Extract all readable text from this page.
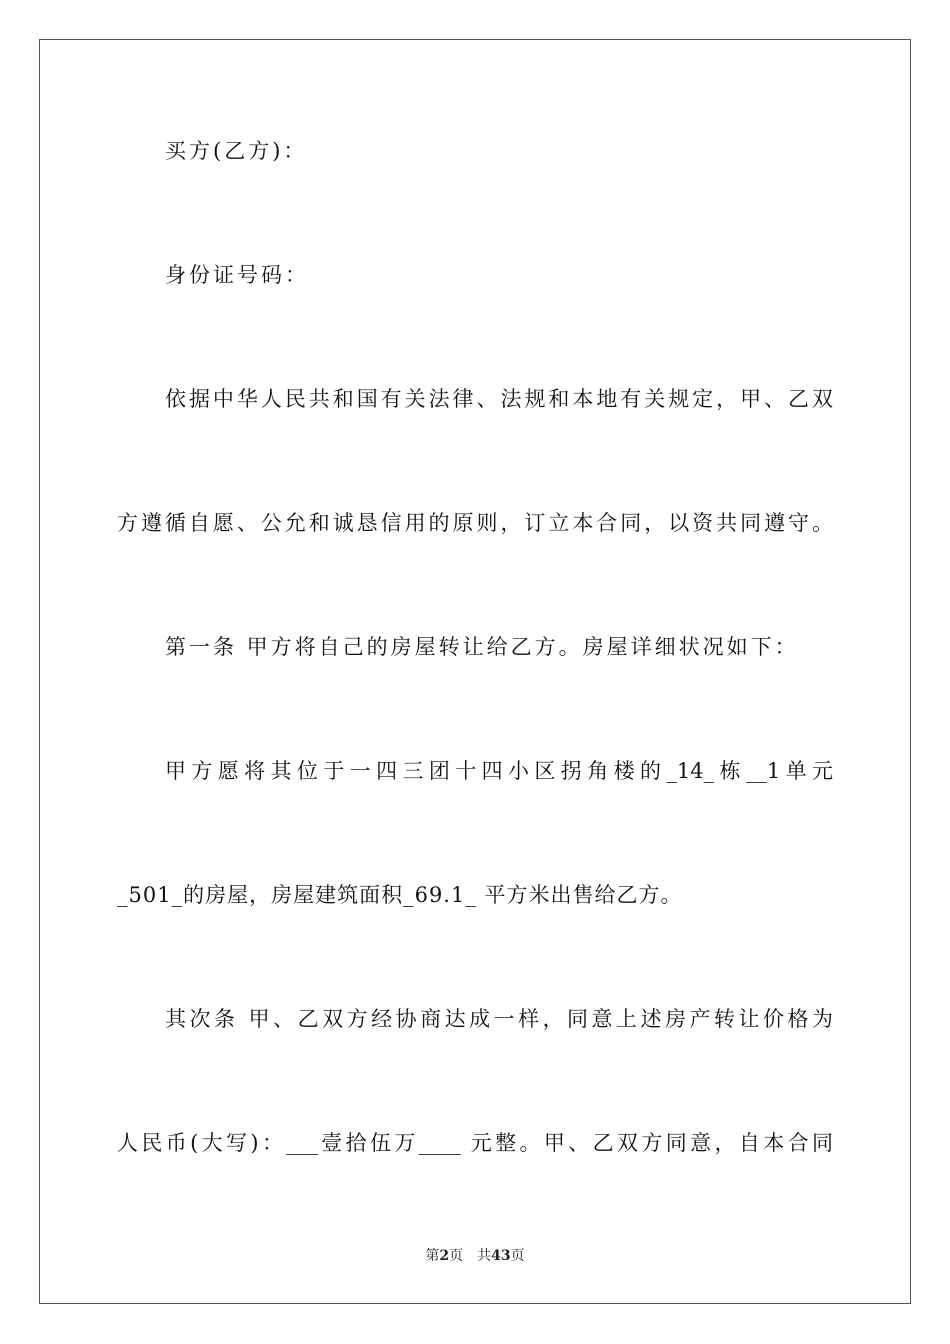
买方(乙方)：
身份证号码：
依据中华人民共和国有关法律、法规和本地有关规定，甲、乙双
方遵循自愿、公允和诚恳信用的原则，订立本合同，以资共同遵守。
第一条 甲方将自己的房屋转让给乙方。房屋详细状况如下：
甲方愿将其位于一四三团十四小区拐角楼的_14_栋__1单元
_501_的房屋，房屋建筑面积_69.1_ 平方米出售给乙方。
其次条 甲、乙双方经协商达成一样，同意上述房产转让价格为
人民币(大写)：___壹拾伍万____ 元整。甲、乙双方同意，自本合同
第2页 共43页
